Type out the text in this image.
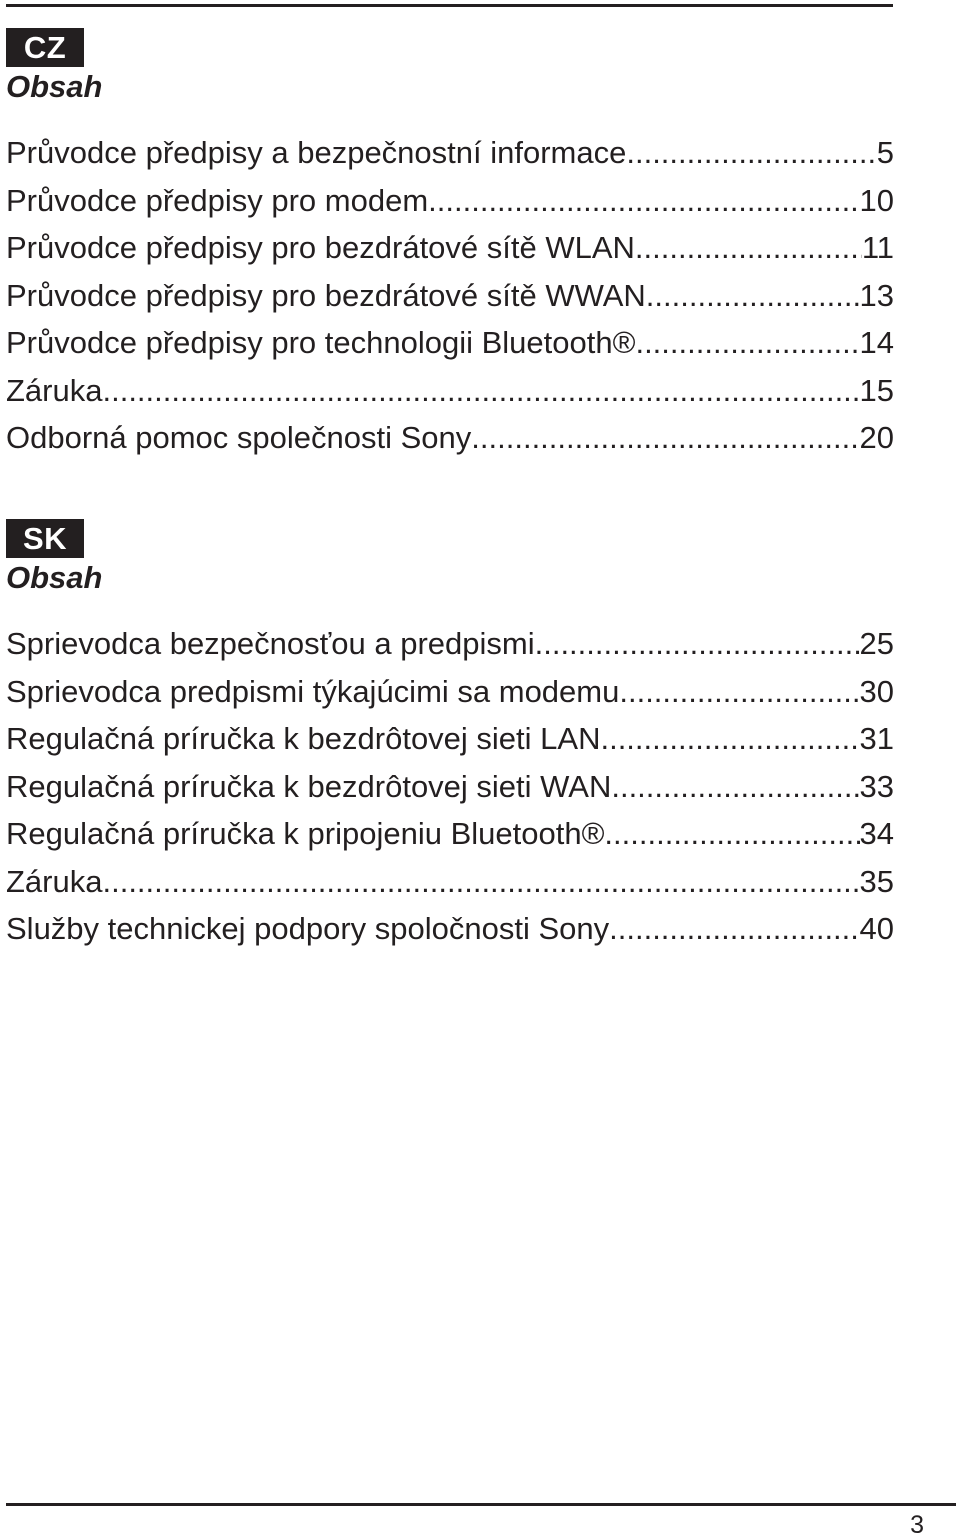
CZ
Obsah
Průvodce předpisy a bezpečnostní informace .....	5
Průvodce předpisy pro modem .....	10
Průvodce předpisy pro bezdrátové sítě WLAN .....	11
Průvodce předpisy pro bezdrátové sítě WWAN .....	13
Průvodce předpisy pro technologii Bluetooth® .....	14
Záruka .....	15
Odborná pomoc společnosti Sony .....	20
SK
Obsah
Sprievodca bezpečnosťou a predpismi .....	25
Sprievodca predpismi týkajúcimi sa modemu .....	30
Regulačná príručka k bezdrôtovej sieti LAN .....	31
Regulačná príručka k bezdrôtovej sieti WAN .....	33
Regulačná príručka k pripojeniu Bluetooth® .....	34
Záruka .....	35
Služby technickej podpory spoločnosti Sony .....	40
3
